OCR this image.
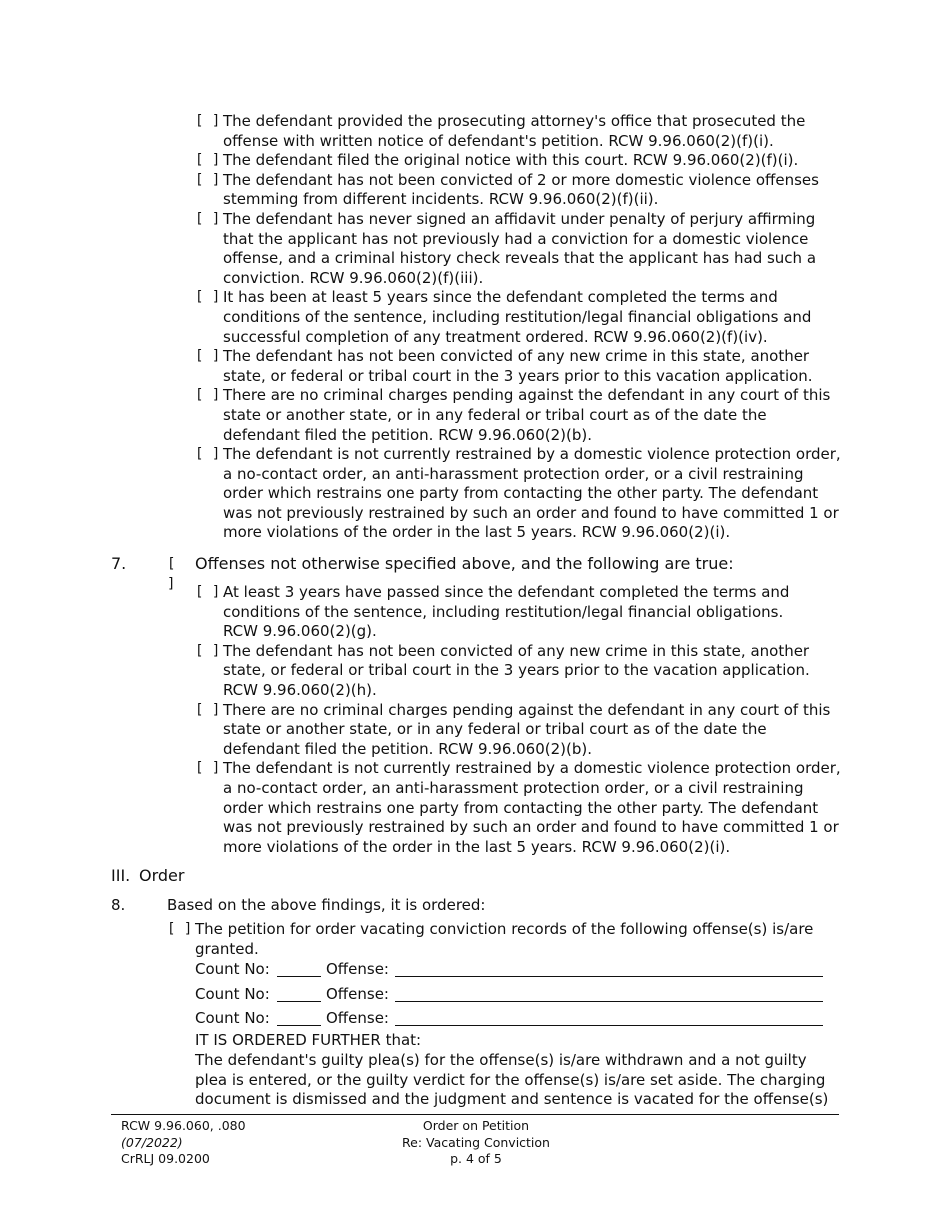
[ ] The defendant provided the prosecuting attorney's office that prosecuted the offense with written notice of defendant's petition. RCW 9.96.060(2)(f)(i).
[ ] The defendant filed the original notice with this court. RCW 9.96.060(2)(f)(i).
[ ] The defendant has not been convicted of 2 or more domestic violence offenses stemming from different incidents. RCW 9.96.060(2)(f)(ii).
[ ] The defendant has never signed an affidavit under penalty of perjury affirming that the applicant has not previously had a conviction for a domestic violence offense, and a criminal history check reveals that the applicant has had such a conviction. RCW 9.96.060(2)(f)(iii).
[ ] It has been at least 5 years since the defendant completed the terms and conditions of the sentence, including restitution/legal financial obligations and successful completion of any treatment ordered. RCW 9.96.060(2)(f)(iv).
[ ] The defendant has not been convicted of any new crime in this state, another state, or federal or tribal court in the 3 years prior to this vacation application.
[ ] There are no criminal charges pending against the defendant in any court of this state or another state, or in any federal or tribal court as of the date the defendant filed the petition. RCW 9.96.060(2)(b).
[ ] The defendant is not currently restrained by a domestic violence protection order, a no-contact order, an anti-harassment protection order, or a civil restraining order which restrains one party from contacting the other party. The defendant was not previously restrained by such an order and found to have committed 1 or more violations of the order in the last 5 years. RCW 9.96.060(2)(i).
7.	[ ]
Offenses not otherwise specified above, and the following are true:
[ ] At least 3 years have passed since the defendant completed the terms and conditions of the sentence, including restitution/legal financial obligations.
RCW 9.96.060(2)(g).
[ ] The defendant has not been convicted of any new crime in this state, another state, or federal or tribal court in the 3 years prior to the vacation application.
RCW 9.96.060(2)(h).
[ ] There are no criminal charges pending against the defendant in any court of this state or another state, or in any federal or tribal court as of the date the defendant filed the petition. RCW 9.96.060(2)(b).
[ ] The defendant is not currently restrained by a domestic violence protection order, a no-contact order, an anti-harassment protection order, or a civil restraining order which restrains one party from contacting the other party. The defendant was not previously restrained by such an order and found to have committed 1 or more violations of the order in the last 5 years. RCW 9.96.060(2)(i).
III. Order
8.	Based on the above findings, it is ordered:
[ ] The petition for order vacating conviction records of the following offense(s) is/are granted.
Count No:	Offense:
Count No:	Offense:
Count No:	Offense:
IT IS ORDERED FURTHER that:
The defendant's guilty plea(s) for the offense(s) is/are withdrawn and a not guilty plea is entered, or the guilty verdict for the offense(s) is/are set aside. The charging document is dismissed and the judgment and sentence is vacated for the offense(s)
RCW 9.96.060, .080
(07/2022)
CrRLJ 09.0200
Order on Petition
Re: Vacating Conviction
p. 4 of 5
